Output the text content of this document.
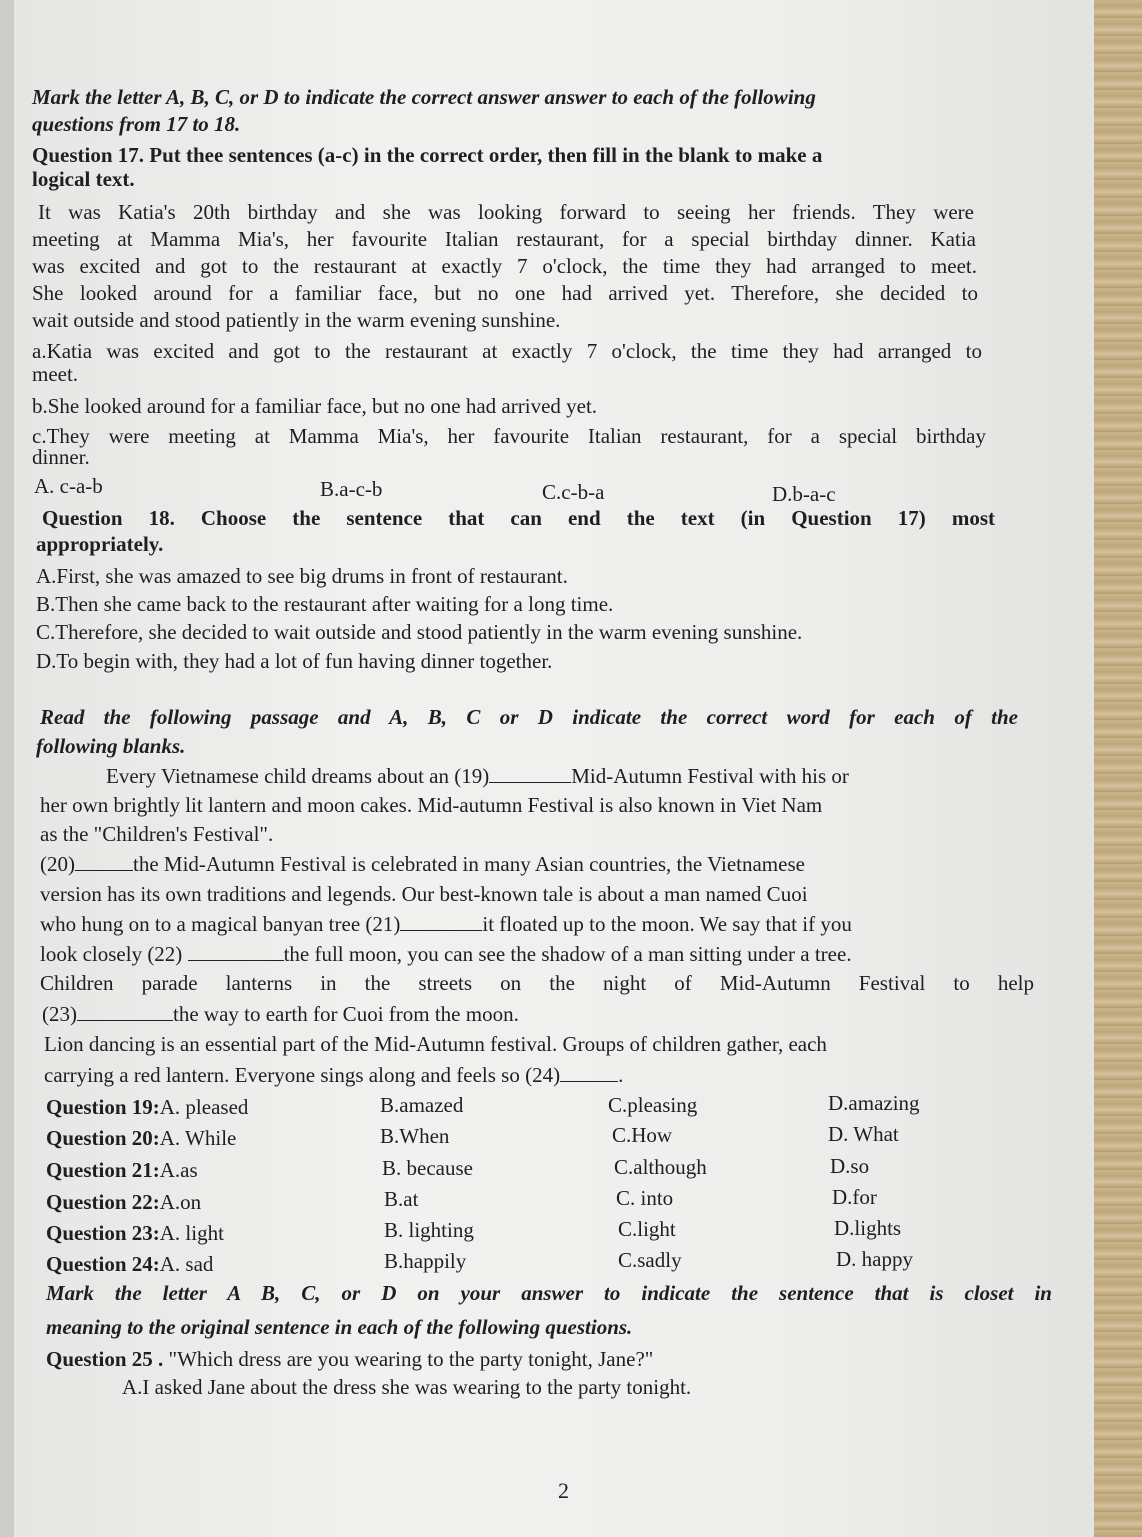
Mark the letter A, B, C, or D to indicate the correct answer answer to each of the following
questions from 17 to 18.
Question 17. Put thee sentences (a-c) in the correct order, then fill in the blank to make a
logical text.
It was Katia's 20th birthday and she was looking forward to seeing her friends. They were
meeting at Mamma Mia's, her favourite Italian restaurant, for a special birthday dinner. Katia
was excited and got to the restaurant at exactly 7 o'clock, the time they had arranged to meet.
She looked around for a familiar face, but no one had arrived yet. Therefore, she decided to
wait outside and stood patiently in the warm evening sunshine.
a.Katia was excited and got to the restaurant at exactly 7 o'clock, the time they had arranged to
meet.
b.She looked around for a familiar face, but no one had arrived yet.
c.They were meeting at Mamma Mia's, her favourite Italian restaurant, for a special birthday
dinner.
A. c-a-b	B.a-c-b	C.c-b-a	D.b-a-c
Question 18. Choose the sentence that can end the text (in Question 17) most
appropriately.
A.First, she was amazed to see big drums in front of restaurant.
B.Then she came back to the restaurant after waiting for a long time.
C.Therefore, she decided to wait outside and stood patiently in the warm evening sunshine.
D.To begin with, they had a lot of fun having dinner together.
Read the following passage and A, B, C or D indicate the correct word for each of the
following blanks.
Every Vietnamese child dreams about an (19)	Mid-Autumn Festival with his or
her own brightly lit lantern and moon cakes. Mid-autumn Festival is also known in Viet Nam
as the "Children's Festival".
(20)	the Mid-Autumn Festival is celebrated in many Asian countries, the Vietnamese
version has its own traditions and legends. Our best-known tale is about a man named Cuoi
who hung on to a magical banyan tree (21)	it floated up to the moon. We say that if you
look closely (22)	the full moon, you can see the shadow of a man sitting under a tree.
Children parade lanterns in the streets on the night of Mid-Autumn Festival to help
(23)	the way to earth for Cuoi from the moon.
Lion dancing is an essential part of the Mid-Autumn festival. Groups of children gather, each
carrying a red lantern. Everyone sings along and feels so (24)	.
Question 19:A. pleased	B.amazed	C.pleasing	D.amazing
Question 20:A. While	B.When	C.How	D. What
Question 21:A.as	B. because	C.although	D.so
Question 22:A.on	B.at	C. into	D.for
Question 23:A. light	B. lighting	C.light	D.lights
Question 24:A. sad	B.happily	C.sadly	D. happy
Mark the letter A B, C, or D on your answer to indicate the sentence that is closet in
meaning to the original sentence in each of the following questions.
Question 25 . "Which dress are you wearing to the party tonight, Jane?"
A.I asked Jane about the dress she was wearing to the party tonight.
2
